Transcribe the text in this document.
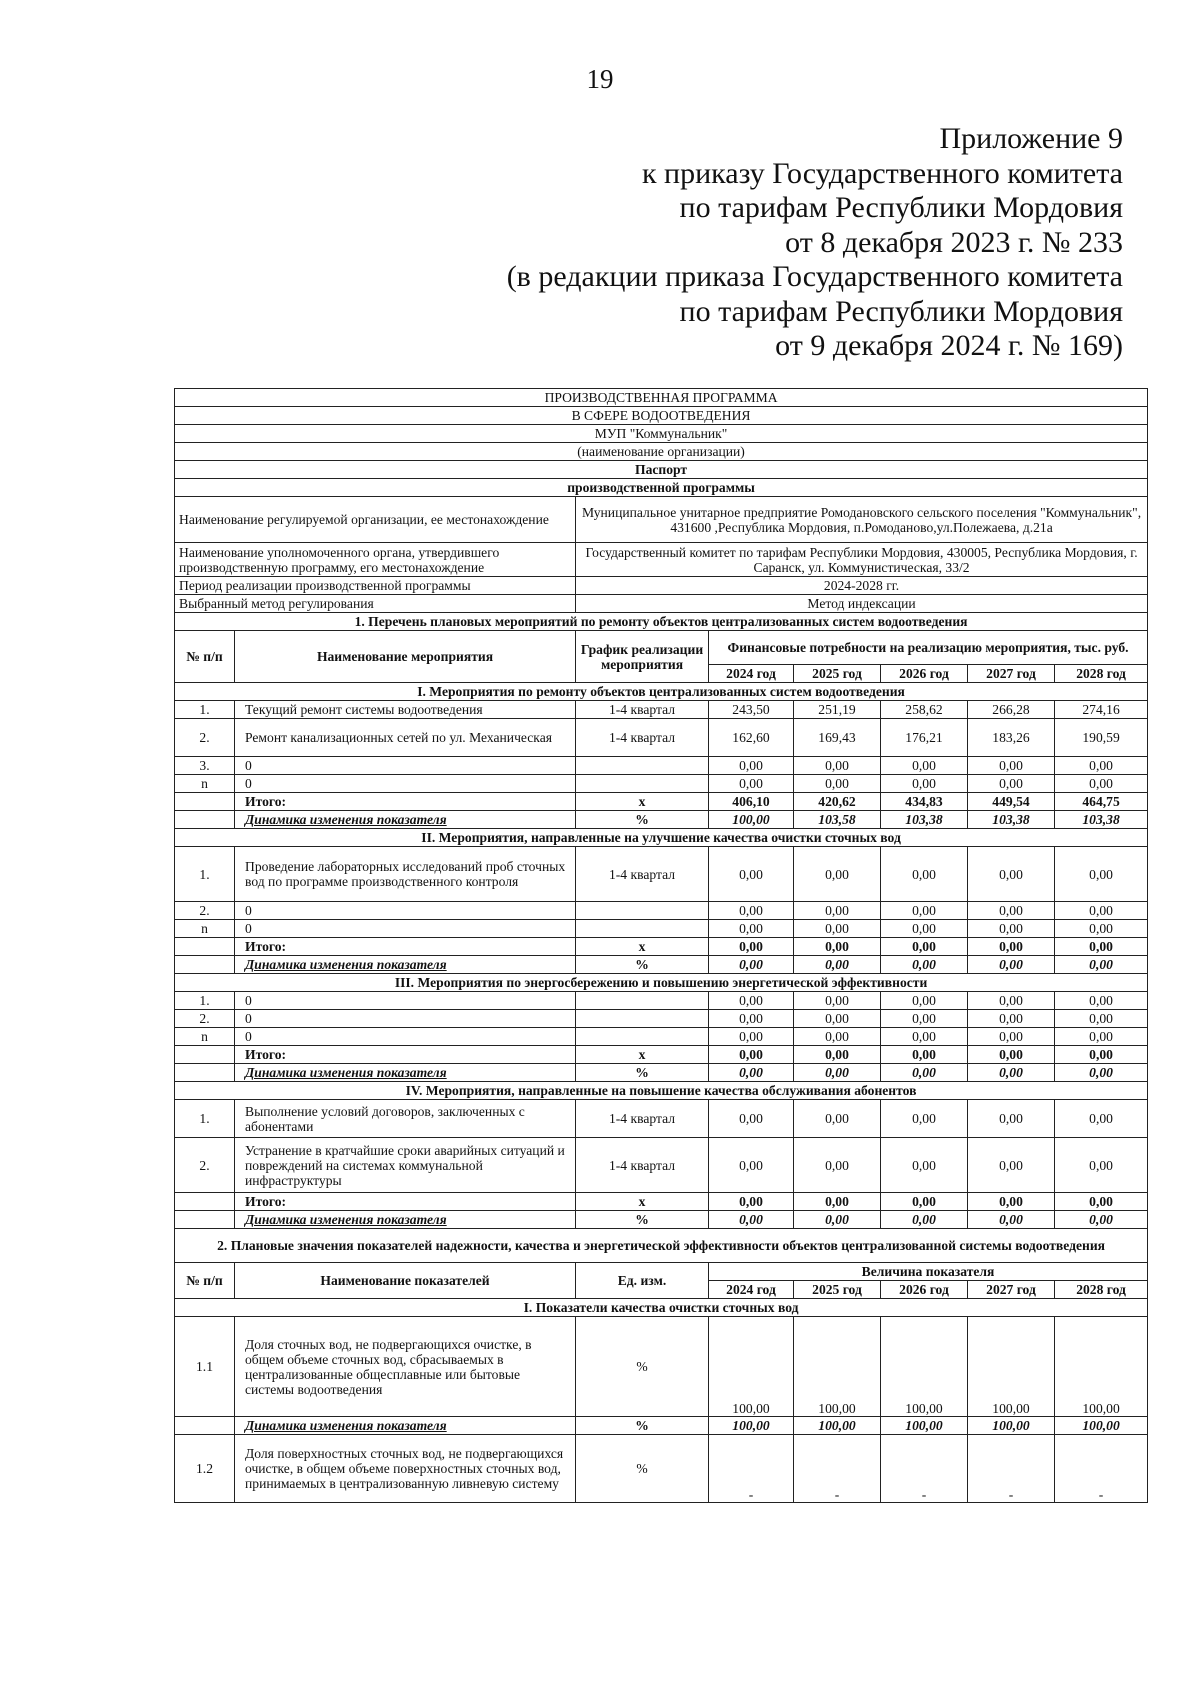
19
Приложение 9
к приказу Государственного комитета
по тарифам Республики Мордовия
от 8 декабря 2023 г. № 233
(в редакции приказа Государственного комитета
по тарифам Республики Мордовия
от 9 декабря 2024 г. № 169)
ПРОИЗВОДСТВЕННАЯ ПРОГРАММА							
В СФЕРЕ ВОДООТВЕДЕНИЯ							
МУП "Коммунальник"							
(наименование организации)							
Паспорт							
производственной программы							
Наименование регулируемой организации, ее местонахождение		Муниципальное унитарное предприятие Ромодановского сельского поселения "Коммунальник", 431600 ,Республика Мордовия, п.Ромоданово,ул.Полежаева, д.21а					
Наименование уполномоченного органа, утвердившего производственную программу, его местонахождение		Государственный комитет по тарифам Республики Мордовия, 430005, Республика Мордовия, г. Саранск, ул. Коммунистическая, 33/2					
Период реализации производственной программы		2024-2028 гг.					
Выбранный метод регулирования		Метод индексации					
1. Перечень плановых мероприятий по ремонту объектов централизованных систем водоотведения							
№ п/п	Наименование мероприятия	График реализации мероприятия	Финансовые потребности на реализацию мероприятия, тыс. руб.				
			2024 год	2025 год	2026 год	2027 год	2028 год
I. Мероприятия по ремонту объектов централизованных систем водоотведения							
1.	Текущий ремонт системы водоотведения	1-4 квартал	243,50	251,19	258,62	266,28	274,16
2.	Ремонт канализационных сетей по ул. Механическая	1-4 квартал	162,60	169,43	176,21	183,26	190,59
3.	0		0,00	0,00	0,00	0,00	0,00
n	0		0,00	0,00	0,00	0,00	0,00
	Итого:	x	406,10	420,62	434,83	449,54	464,75
	Динамика изменения показателя	%	100,00	103,58	103,38	103,38	103,38
II. Мероприятия, направленные на улучшение качества очистки сточных вод							
1.	Проведение лабораторных исследований проб сточных вод по программе производственного контроля	1-4 квартал	0,00	0,00	0,00	0,00	0,00
2.	0		0,00	0,00	0,00	0,00	0,00
n	0		0,00	0,00	0,00	0,00	0,00
	Итого:	x	0,00	0,00	0,00	0,00	0,00
	Динамика изменения показателя	%	0,00	0,00	0,00	0,00	0,00
III. Мероприятия по энергосбережению и повышению энергетической эффективности							
1.	0		0,00	0,00	0,00	0,00	0,00
2.	0		0,00	0,00	0,00	0,00	0,00
n	0		0,00	0,00	0,00	0,00	0,00
	Итого:	x	0,00	0,00	0,00	0,00	0,00
	Динамика изменения показателя	%	0,00	0,00	0,00	0,00	0,00
IV. Мероприятия, направленные на повышение качества обслуживания абонентов							
1.	Выполнение условий договоров, заключенных с абонентами	1-4 квартал	0,00	0,00	0,00	0,00	0,00
2.	Устранение в кратчайшие сроки аварийных ситуаций и повреждений на системах коммунальной инфраструктуры	1-4 квартал	0,00	0,00	0,00	0,00	0,00
	Итого:	x	0,00	0,00	0,00	0,00	0,00
	Динамика изменения показателя	%	0,00	0,00	0,00	0,00	0,00
2. Плановые значения показателей надежности, качества и энергетической эффективности объектов централизованной системы водоотведения							
№ п/п	Наименование показателей	Ед. изм.	Величина показателя				
			2024 год	2025 год	2026 год	2027 год	2028 год
I. Показатели качества очистки сточных вод							
1.1	Доля сточных вод, не подвергающихся очистке, в общем объеме сточных вод, сбрасываемых в централизованные общесплавные или бытовые системы водоотведения	%	100,00	100,00	100,00	100,00	100,00
	Динамика изменения показателя	%	100,00	100,00	100,00	100,00	100,00
1.2	Доля поверхностных сточных вод, не подвергающихся очистке, в общем объеме поверхностных сточных вод, принимаемых в централизованную ливневую систему	%	-	-	-	-	-
